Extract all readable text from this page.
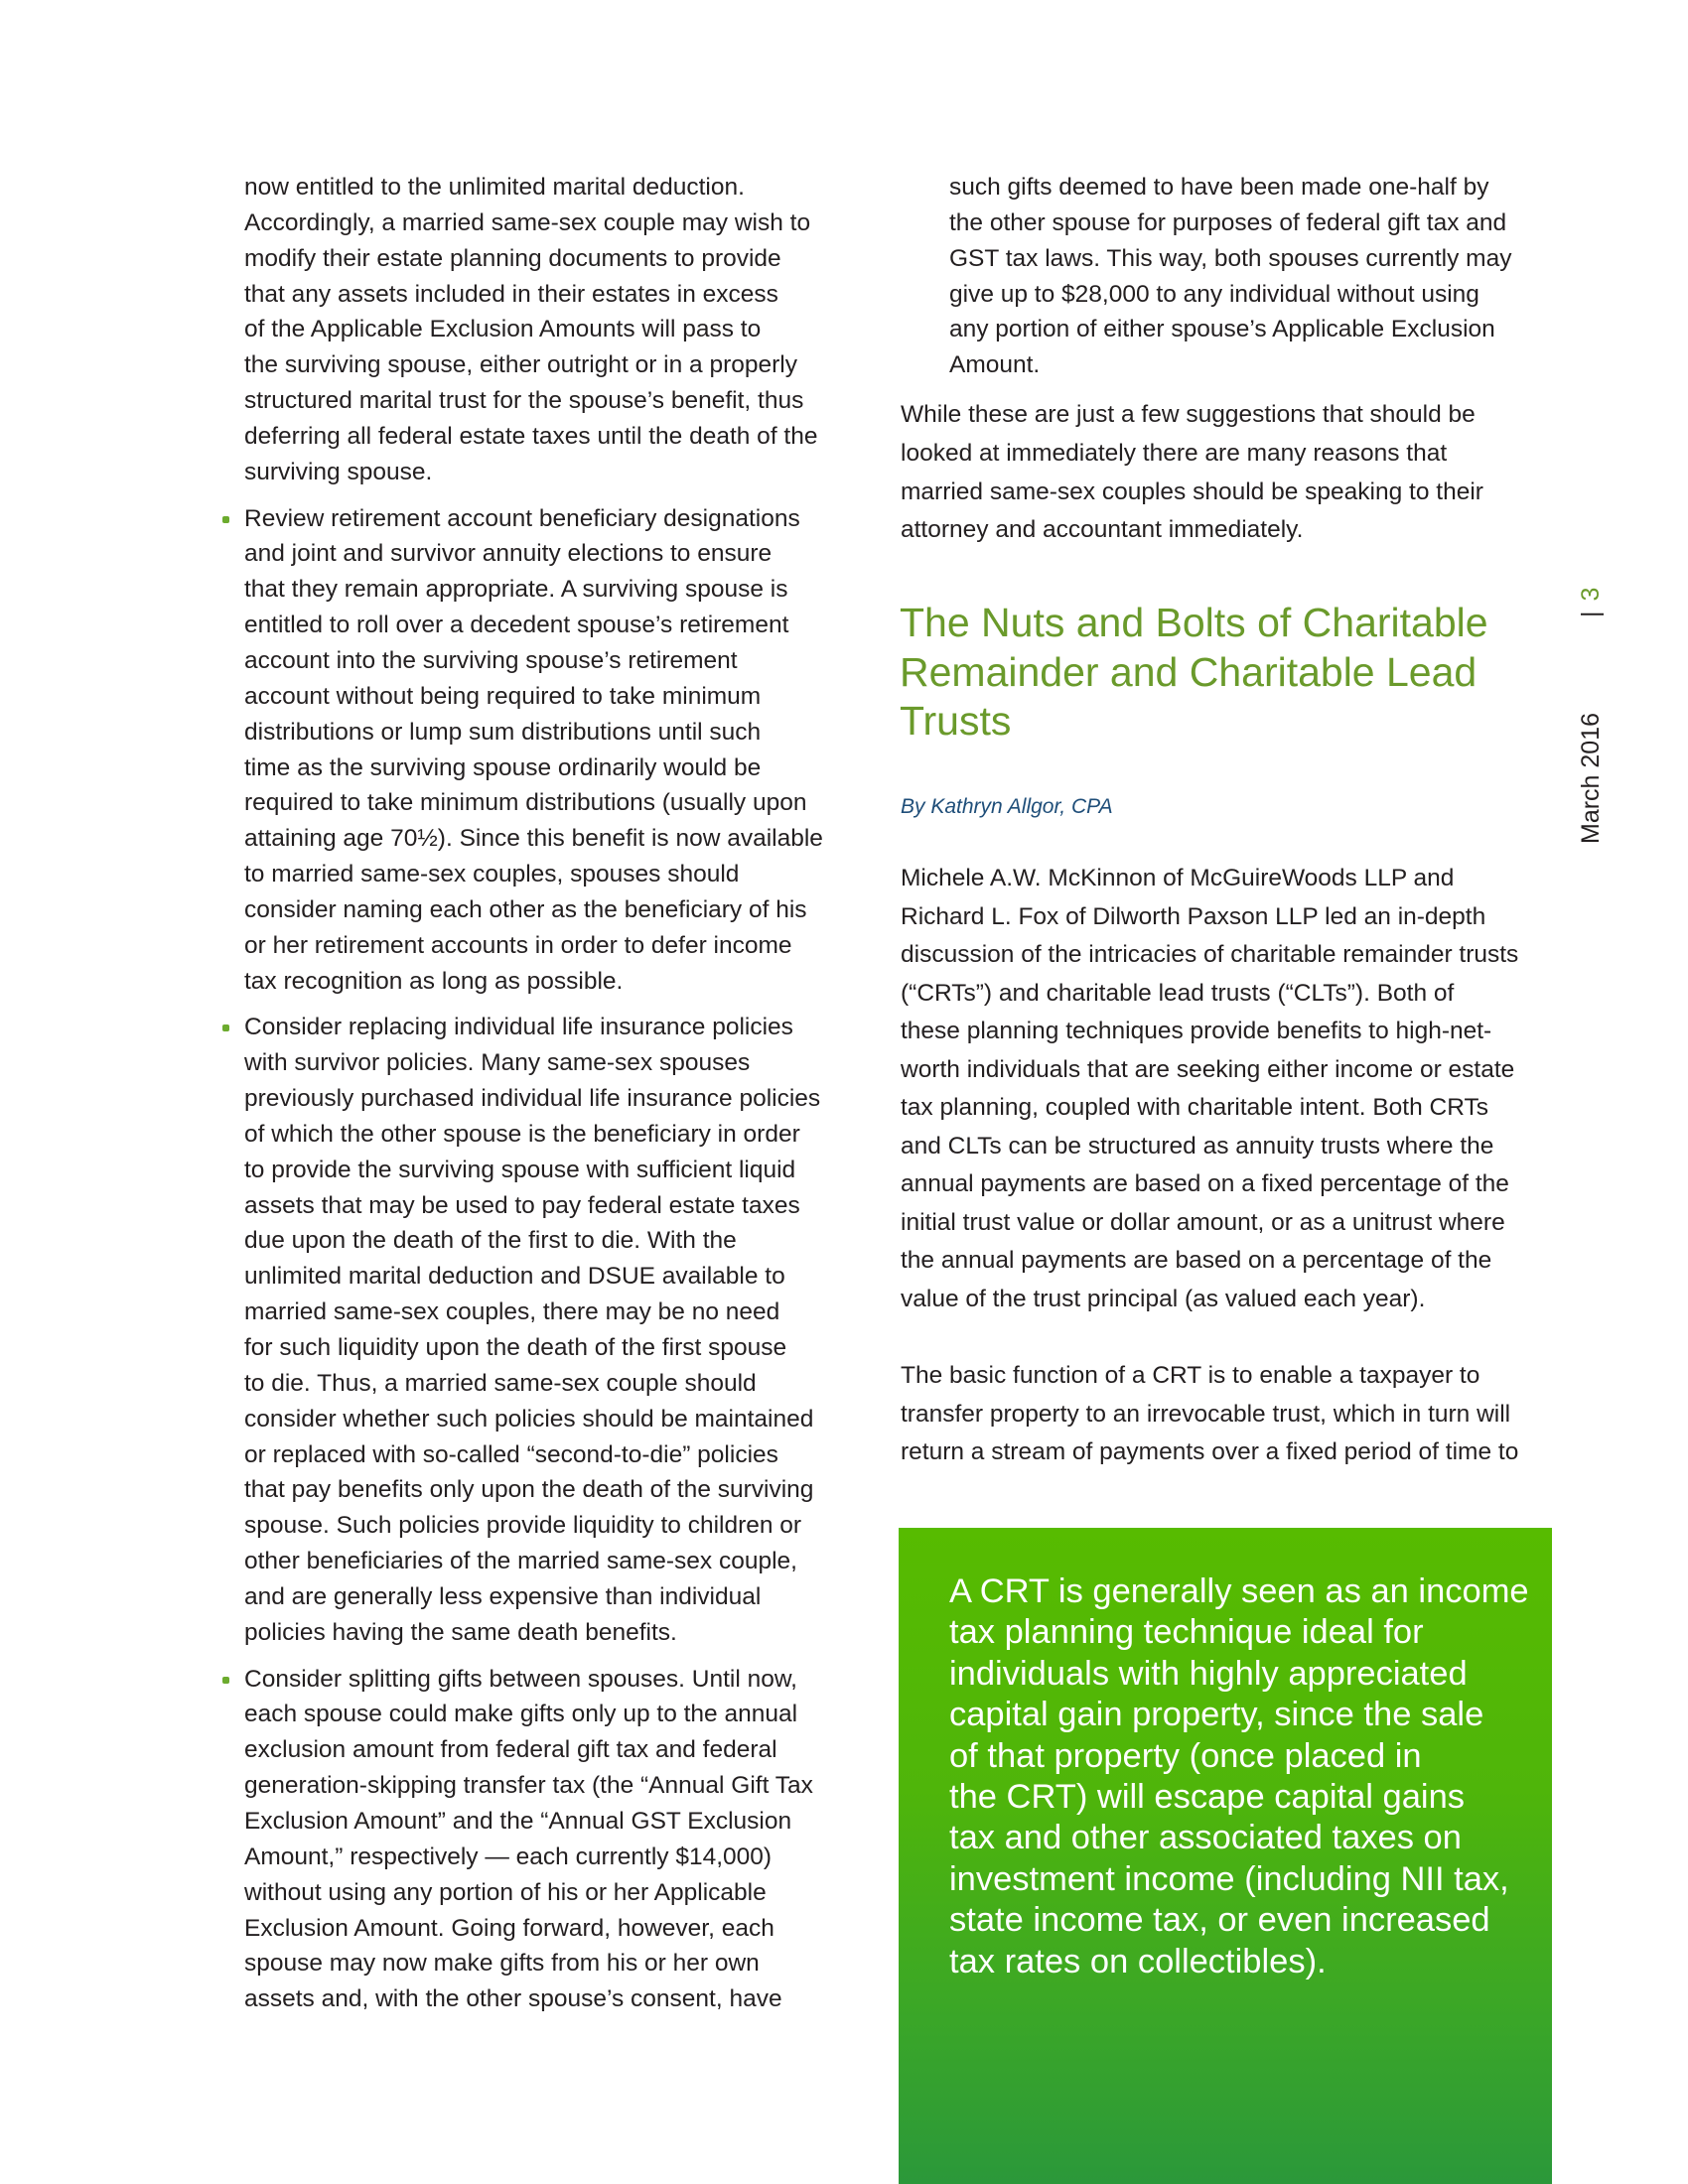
now entitled to the unlimited marital deduction.
Accordingly, a married same-sex couple may wish to
modify their estate planning documents to provide
that any assets included in their estates in excess
of the Applicable Exclusion Amounts will pass to
the surviving spouse, either outright or in a properly
structured marital trust for the spouse’s benefit, thus
deferring all federal estate taxes until the death of the
surviving spouse.
Review retirement account beneficiary designations
and joint and survivor annuity elections to ensure
that they remain appropriate. A surviving spouse is
entitled to roll over a decedent spouse’s retirement
account into the surviving spouse’s retirement
account without being required to take minimum
distributions or lump sum distributions until such
time as the surviving spouse ordinarily would be
required to take minimum distributions (usually upon
attaining age 70½). Since this benefit is now available
to married same-sex couples, spouses should
consider naming each other as the beneficiary of his
or her retirement accounts in order to defer income
tax recognition as long as possible.
Consider replacing individual life insurance policies
with survivor policies. Many same-sex spouses
previously purchased individual life insurance policies
of which the other spouse is the beneficiary in order
to provide the surviving spouse with sufficient liquid
assets that may be used to pay federal estate taxes
due upon the death of the first to die. With the
unlimited marital deduction and DSUE available to
married same-sex couples, there may be no need
for such liquidity upon the death of the first spouse
to die. Thus, a married same-sex couple should
consider whether such policies should be maintained
or replaced with so-called “second-to-die” policies
that pay benefits only upon the death of the surviving
spouse. Such policies provide liquidity to children or
other beneficiaries of the married same-sex couple,
and are generally less expensive than individual
policies having the same death benefits.
Consider splitting gifts between spouses. Until now,
each spouse could make gifts only up to the annual
exclusion amount from federal gift tax and federal
generation-skipping transfer tax (the “Annual Gift Tax
Exclusion Amount” and the “Annual GST Exclusion
Amount,” respectively — each currently $14,000)
without using any portion of his or her Applicable
Exclusion Amount. Going forward, however, each
spouse may now make gifts from his or her own
assets and, with the other spouse’s consent, have
such gifts deemed to have been made one-half by
the other spouse for purposes of federal gift tax and
GST tax laws. This way, both spouses currently may
give up to $28,000 to any individual without using
any portion of either spouse’s Applicable Exclusion
Amount.
While these are just a few suggestions that should be
looked at immediately there are many reasons that
married same-sex couples should be speaking to their
attorney and accountant immediately.
The Nuts and Bolts of Charitable
Remainder and Charitable Lead
Trusts
By Kathryn Allgor, CPA
Michele A.W. McKinnon of McGuireWoods LLP and
Richard L. Fox of Dilworth Paxson LLP led an in-depth
discussion of the intricacies of charitable remainder trusts
(“CRTs”) and charitable lead trusts (“CLTs”). Both of
these planning techniques provide benefits to high-net-
worth individuals that are seeking either income or estate
tax planning, coupled with charitable intent. Both CRTs
and CLTs can be structured as annuity trusts where the
annual payments are based on a fixed percentage of the
initial trust value or dollar amount, or as a unitrust where
the annual payments are based on a percentage of the
value of the trust principal (as valued each year).
The basic function of a CRT is to enable a taxpayer to
transfer property to an irrevocable trust, which in turn will
return a stream of payments over a fixed period of time to
A CRT is generally seen as an income
tax planning technique ideal for
individuals with highly appreciated
capital gain property, since the sale
of that property (once placed in
the CRT) will escape capital gains
tax and other associated taxes on
investment income (including NII tax,
state income tax, or even increased
tax rates on collectibles).
March 2016|3
